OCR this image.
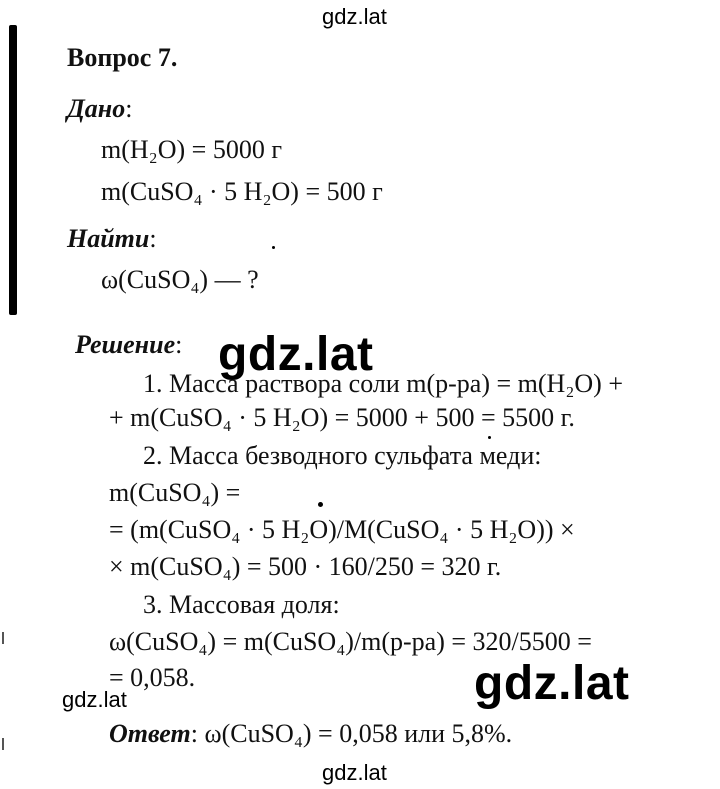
gdz.lat
gdz.lat
gdz.lat	gdz.lat
gdz.lat
Вопрос 7.
Дано:
m(H₂O) = 5000 г
m(CuSO₄ · 5 H₂O) = 500 г
Найти:
ω(CuSO₄) — ?
Решение:
1. Масса раствора соли m(р-ра) = m(H₂O) +
+ m(CuSO₄ · 5 H₂O) = 5000 + 500 = 5500 г.
2. Масса безводного сульфата меди:
m(CuSO₄) =
= (m(CuSO₄ · 5 H₂O)/M(CuSO₄ · 5 H₂O)) ×
× m(CuSO₄) = 500 · 160/250 = 320 г.
3. Массовая доля:
ω(CuSO₄) = m(CuSO₄)/m(р-ра) = 320/5500 =
= 0,058.
Ответ: ω(CuSO₄) = 0,058 или 5,8%.
